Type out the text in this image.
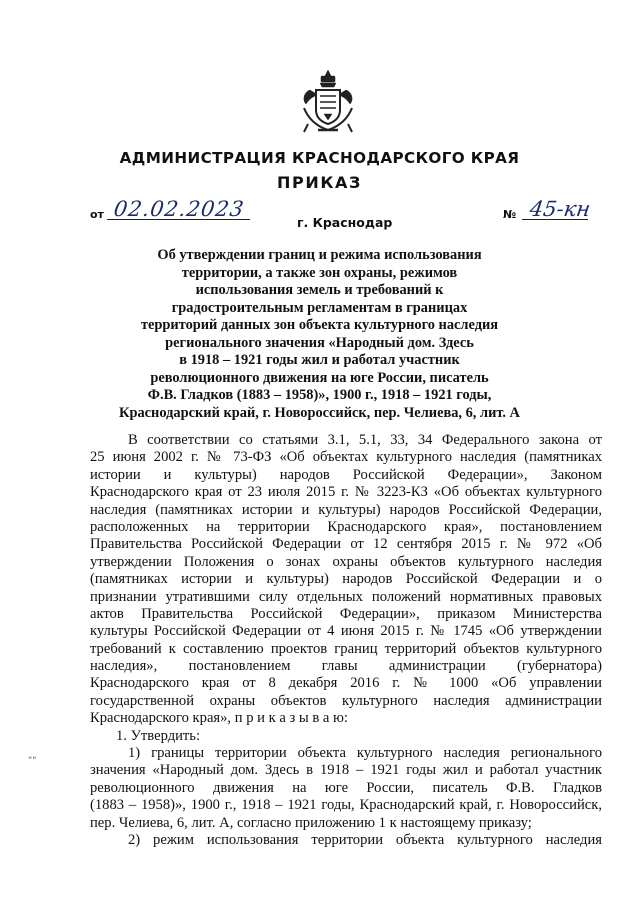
АДМИНИСТРАЦИЯ КРАСНОДАРСКОГО КРАЯ
ПРИКАЗ
от 02.02.2023
г. Краснодар
№ 45-кн
Об утверждении границ и режима использования
территории, а также зон охраны, режимов
использования земель и требований к
градостроительным регламентам в границах
территорий данных зон объекта культурного наследия
регионального значения «Народный дом. Здесь
в 1918 – 1921 годы жил и работал участник
революционного движения на юге России, писатель
Ф.В. Гладков (1883 – 1958)», 1900 г., 1918 – 1921 годы,
Краснодарский край, г. Новороссийск, пер. Челиева, 6, лит. А
В соответствии со статьями 3.1, 5.1, 33, 34 Федерального закона от
25 июня 2002 г. № 73-ФЗ «Об объектах культурного наследия (памятниках
истории и культуры) народов Российской Федерации», Законом
Краснодарского края от 23 июля 2015 г. № 3223-КЗ «Об объектах культурного
наследия (памятниках истории и культуры) народов Российской Федерации,
расположенных на территории Краснодарского края», постановлением
Правительства Российской Федерации от 12 сентября 2015 г. № 972 «Об
утверждении Положения о зонах охраны объектов культурного наследия
(памятниках истории и культуры) народов Российской Федерации и о
признании утратившими силу отдельных положений нормативных правовых
актов Правительства Российской Федерации», приказом Министерства
культуры Российской Федерации от 4 июня 2015 г. № 1745 «Об утверждении
требований к составлению проектов границ территорий объектов культурного
наследия», постановлением главы администрации (губернатора)
Краснодарского края от 8 декабря 2016 г. № 1000 «Об управлении
государственной охраны объектов культурного наследия администрации
Краснодарского края», п р и к а з ы в а ю:
1. Утвердить:
1) границы территории объекта культурного наследия регионального
значения «Народный дом. Здесь в 1918 – 1921 годы жил и работал участник
революционного движения на юге России, писатель Ф.В. Гладков
(1883 – 1958)», 1900 г., 1918 – 1921 годы, Краснодарский край, г. Новороссийск,
пер. Челиева, 6, лит. А, согласно приложению 1 к настоящему приказу;
2) режим использования территории объекта культурного наследия
""
